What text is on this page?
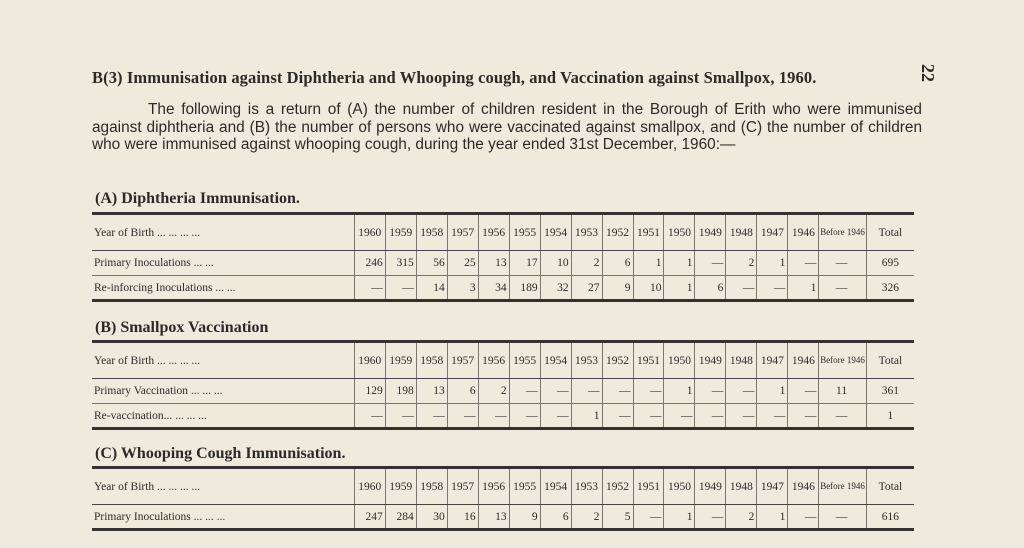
22
B(3) Immunisation against Diphtheria and Whooping cough, and Vaccination against Smallpox, 1960.
The following is a return of (A) the number of children resident in the Borough of Erith who were immunised against diphtheria and (B) the number of persons who were vaccinated against smallpox, and (C) the number of children who were immunised against whooping cough, during the year ended 31st December, 1960:—
(A) Diphtheria Immunisation.
Year of Birth ... ... ... ...	1960	1959	1958	1957	1956	1955	1954	1953	1952	1951	1950	1949	1948	1947	1946	Before 1946	Total
Primary Inoculations ... ...	246	315	56	25	13	17	10	2	6	1	1	—	2	1	—	—	695
Re-inforcing Inoculations ... ...	—	—	14	3	34	189	32	27	9	10	1	6	—	—	1	—	326
(B) Smallpox Vaccination
Year of Birth ... ... ... ...	1960	1959	1958	1957	1956	1955	1954	1953	1952	1951	1950	1949	1948	1947	1946	Before 1946	Total
Primary Vaccination ... ... ...	129	198	13	6	2	—	—	—	—	—	1	—	—	1	—	11	361
Re-vaccination... ... ... ...	—	—	—	—	—	—	—	1	—	—	—	—	—	—	—	—	1
(C) Whooping Cough Immunisation.
Year of Birth ... ... ... ...	1960	1959	1958	1957	1956	1955	1954	1953	1952	1951	1950	1949	1948	1947	1946	Before 1946	Total
Primary Inoculations ... ... ...	247	284	30	16	13	9	6	2	5	—	1	—	2	1	—	—	616
